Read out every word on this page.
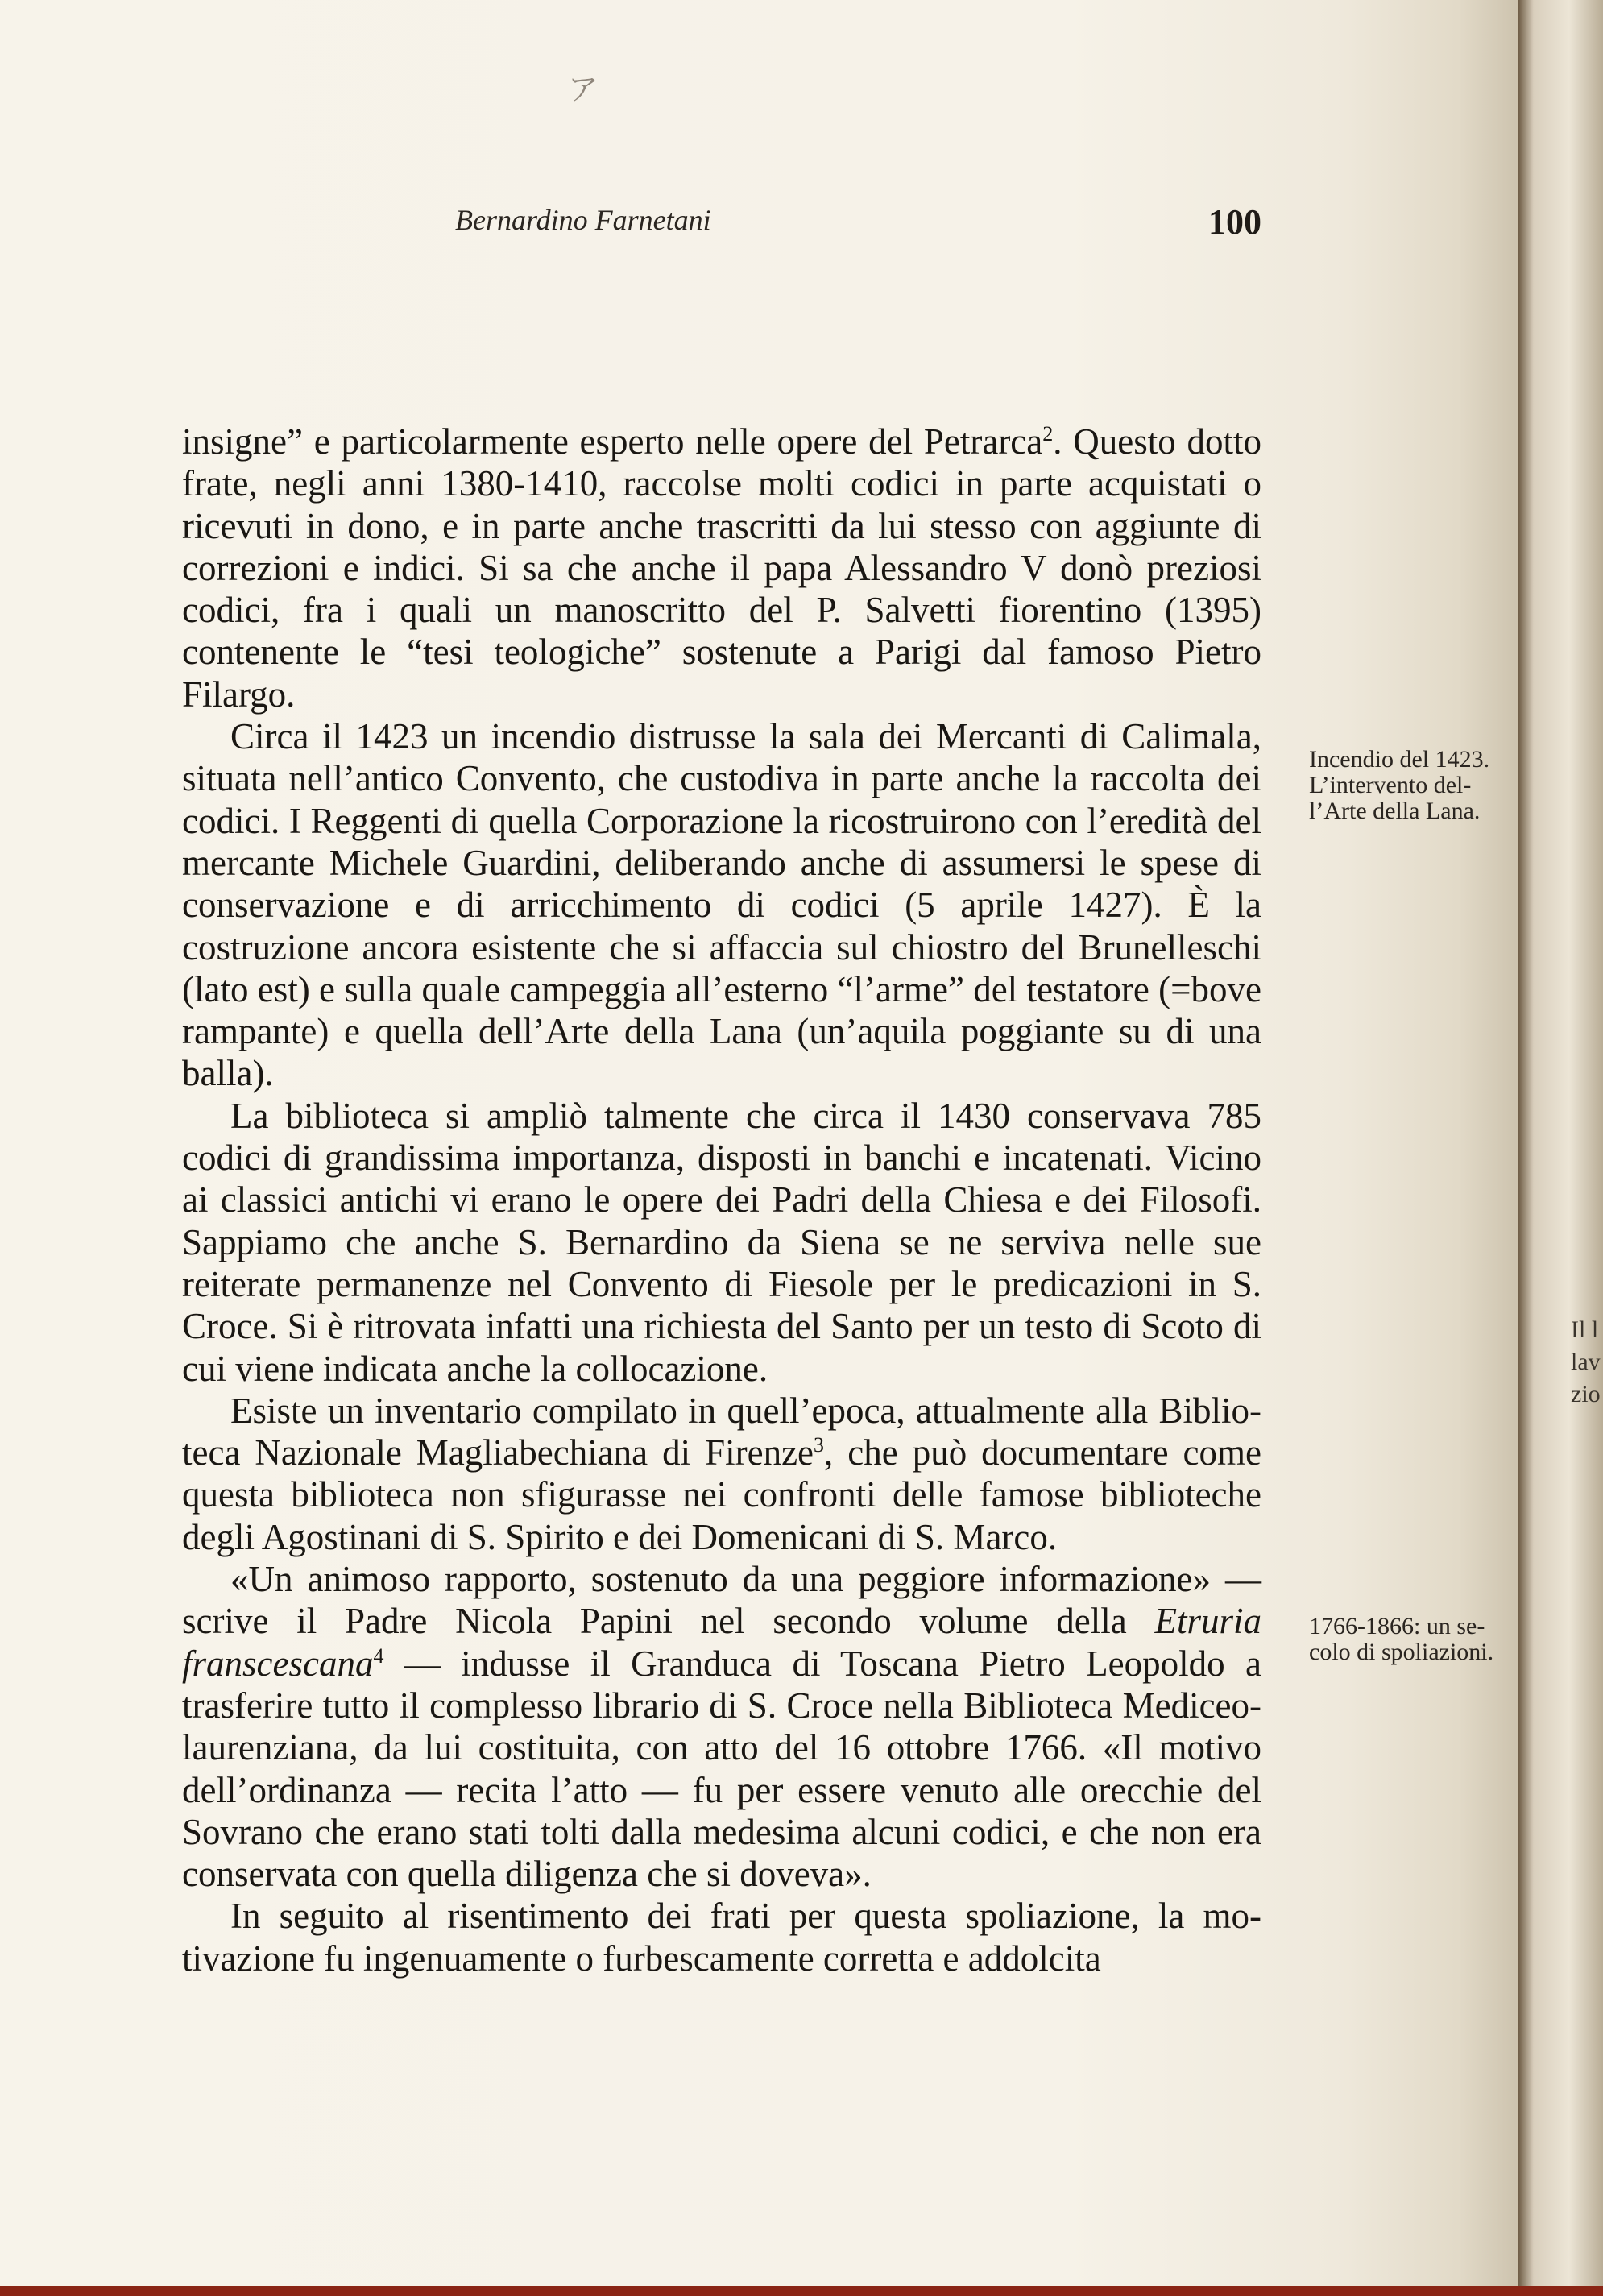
ア
Bernardino Farnetani	100

insigne” e particolarmente esperto nelle opere del Petrarca$^2$. Questo dotto frate, negli anni 1380-1410, raccolse molti codici in parte acquistati o ricevuti in dono, e in parte anche trascritti da lui stesso con aggiunte di correzioni e indici. Si sa che anche il papa Alessandro V donò preziosi codici, fra i quali un manoscritto del P. Salvetti fiorentino (1395) contenente le “tesi teologiche” sostenute a Parigi dal famoso Pietro Filargo.

Circa il 1423 un incendio distrusse la sala dei Mercanti di Calimala, situata nell’antico Convento, che custodiva in parte anche la raccolta dei codici. I Reggenti di quella Corporazione la ricostruirono con l’eredità del mercante Michele Guardini, deliberando anche di assumersi le spese di conservazione e di arricchimento di codici (5 aprile 1427). È la costruzione ancora esistente che si affaccia sul chiostro del Brunelleschi (lato est) e sulla quale campeggia all’esterno “l’arme” del testatore (=bove rampante) e quella dell’Arte della Lana (un’aquila poggiante su di una balla).

La biblioteca si ampliò talmente che circa il 1430 conservava 785 codici di grandissima importanza, disposti in banchi e incatenati. Vicino ai classici antichi vi erano le opere dei Padri della Chiesa e dei Filosofi. Sappiamo che anche S. Bernardino da Siena se ne serviva nelle sue reiterate permanenze nel Convento di Fiesole per le predicazioni in S. Croce. Si è ritrovata infatti una richiesta del Santo per un testo di Scoto di cui viene indicata anche la collocazione.

Esiste un inventario compilato in quell’epoca, attualmente alla Biblioteca Nazionale Magliabechiana di Firenze$^3$, che può documentare come questa biblioteca non sfigurasse nei confronti delle famose biblioteche degli Agostinani di S. Spirito e dei Domenicani di S. Marco.

«Un animoso rapporto, sostenuto da una peggiore informazione» — scrive il Padre Nicola Papini nel secondo volume della Etruria franscescana$^4$ — indusse il Granduca di Toscana Pietro Leopoldo a trasferire tutto il complesso librario di S. Croce nella Biblioteca Mediceo-laurenziana, da lui costituita, con atto del 16 ottobre 1766. «Il motivo dell’ordinanza — recita l’atto — fu per essere venuto alle orecchie del Sovrano che erano stati tolti dalla medesima alcuni codici, e che non era conservata con quella diligenza che si doveva».

In seguito al risentimento dei frati per questa spoliazione, la motivazione fu ingenuamente o furbescamente corretta e addolcita

Incendio del 1423. L’intervento dell’Arte della Lana.
1766-1866: un secolo di spoliazioni.
Il l
lav
zio
